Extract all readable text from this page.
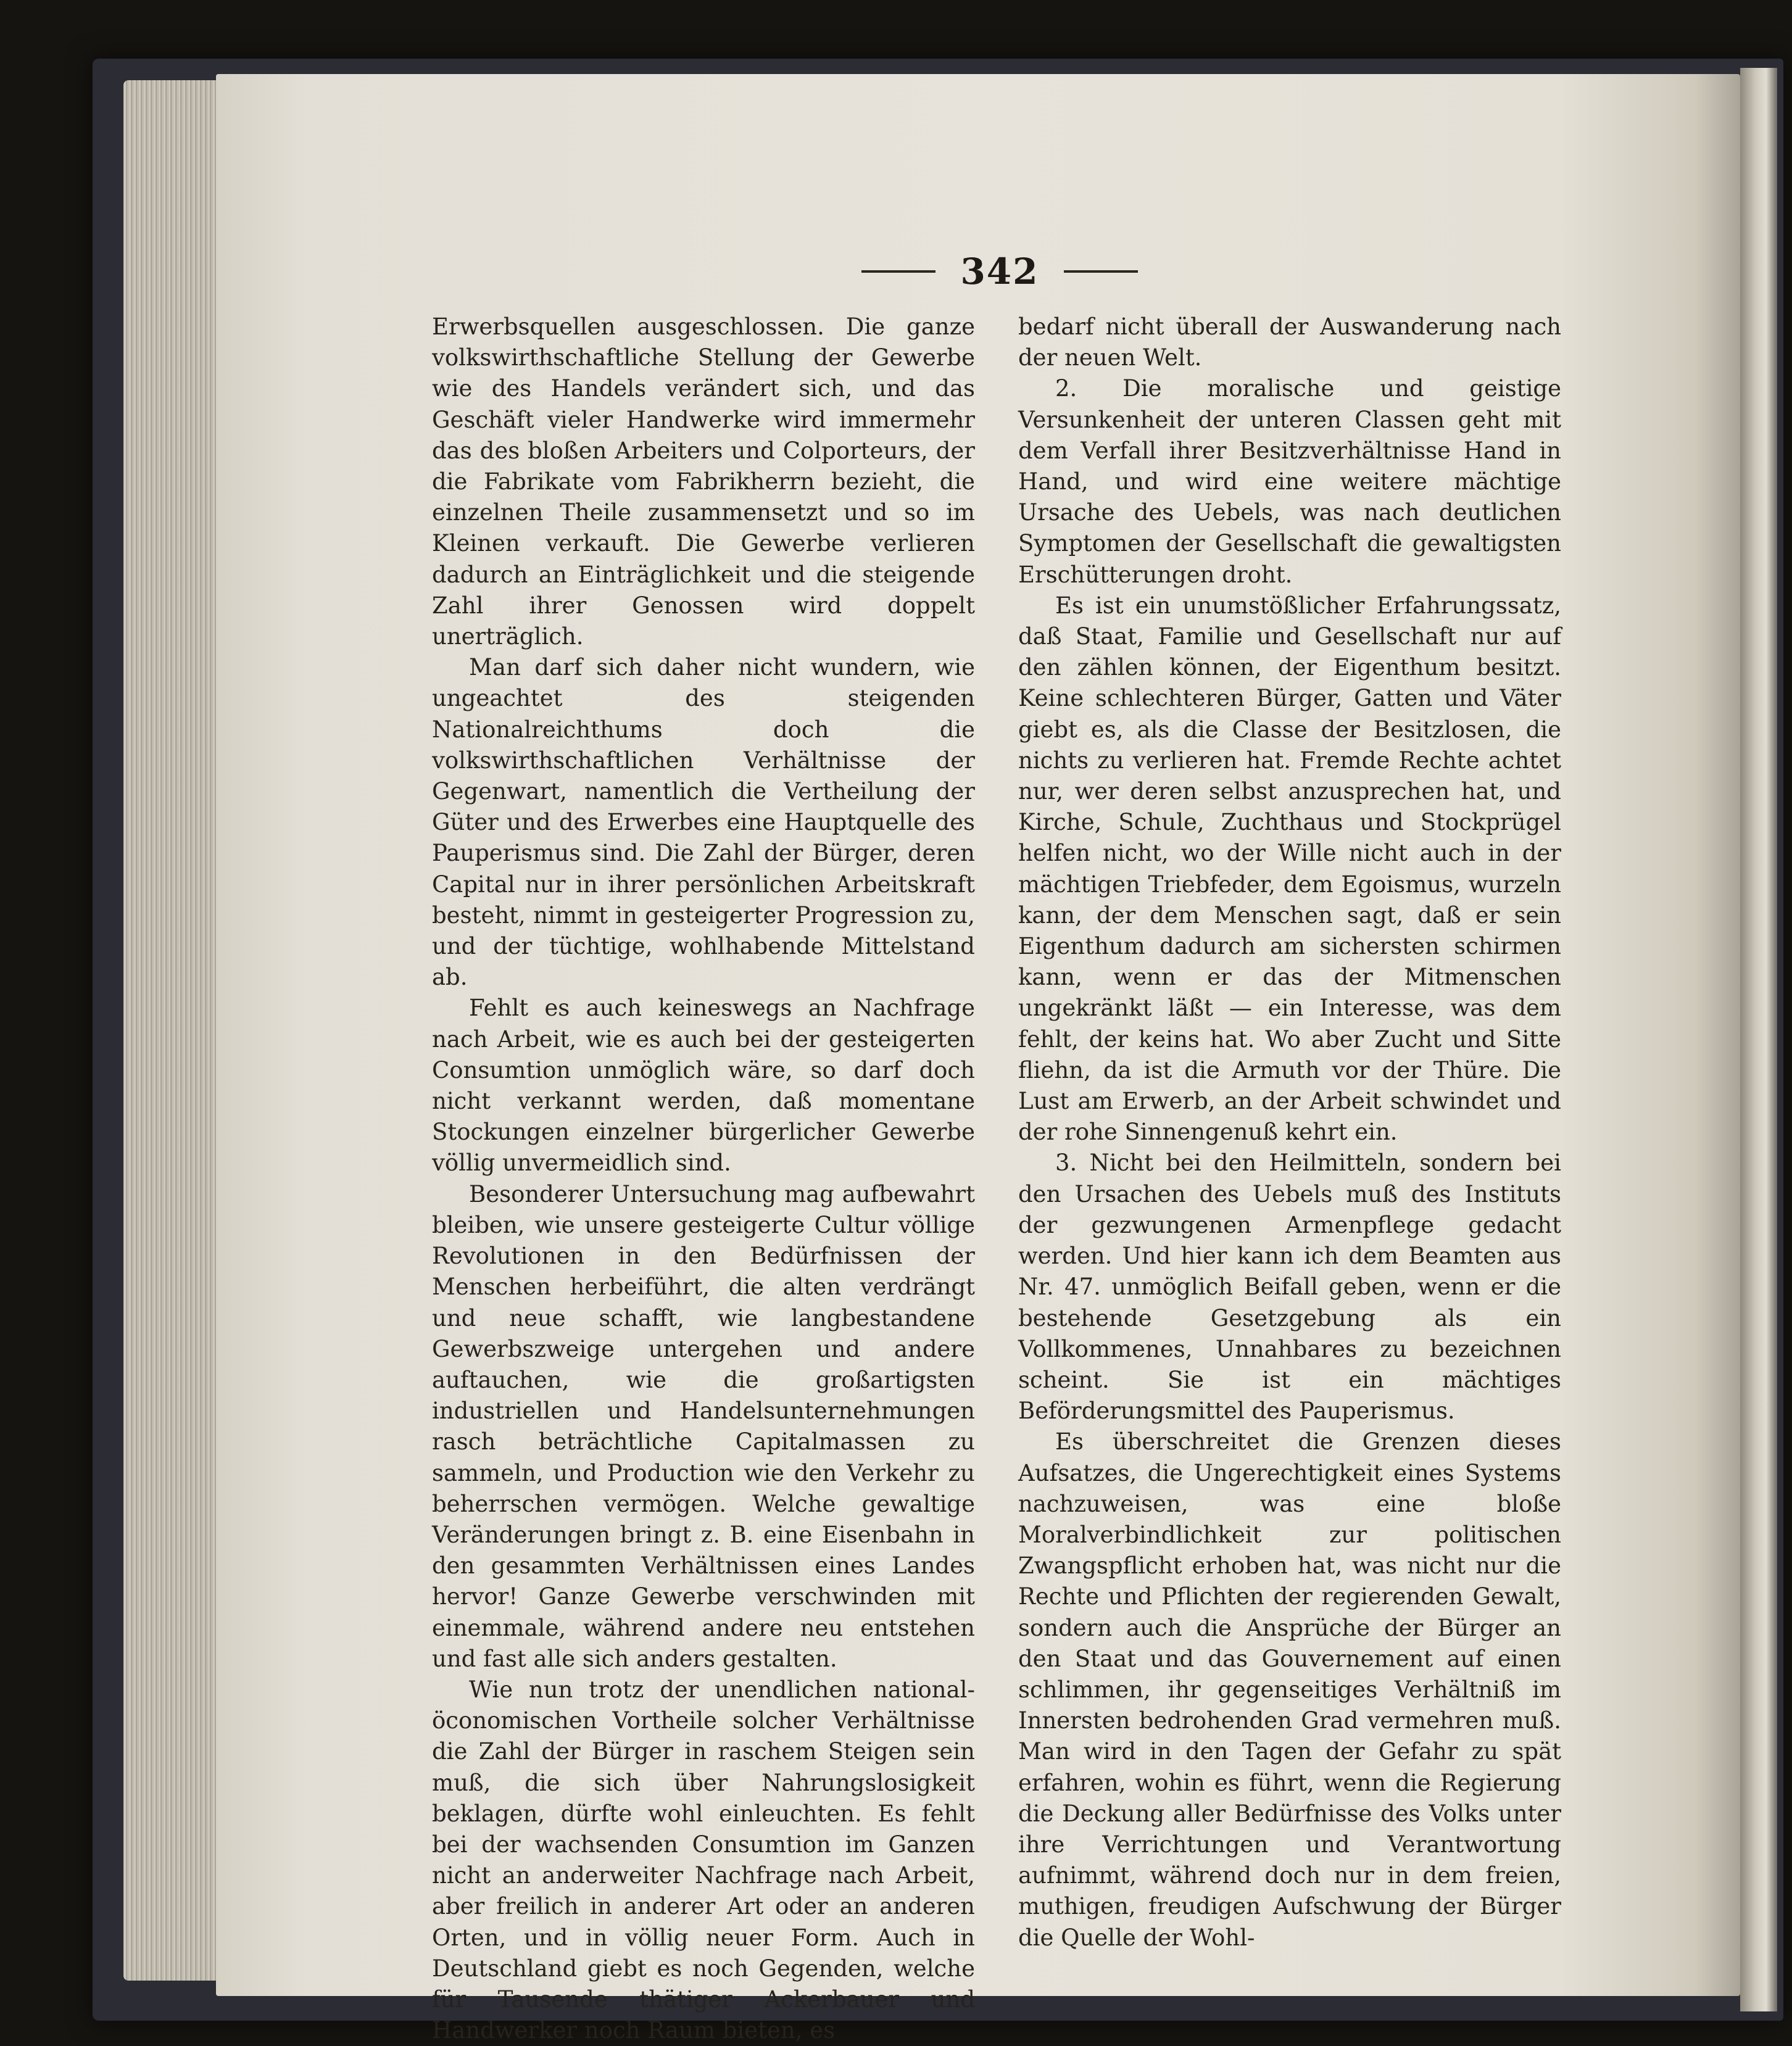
342

Erwerbsquellen ausgeschlossen. Die ganze volkswirthschaftliche Stellung der Gewerbe wie des Handels verändert sich, und das Geschäft vieler Handwerke wird immermehr das des bloßen Arbeiters und Colporteurs, der die Fabrikate vom Fabrikherrn bezieht, die einzelnen Theile zusammensetzt und so im Kleinen verkauft. Die Gewerbe verlieren dadurch an Einträglichkeit und die steigende Zahl ihrer Genossen wird doppelt unerträglich.

Man darf sich daher nicht wundern, wie ungeachtet des steigenden Nationalreichthums doch die volkswirthschaftlichen Verhältnisse der Gegenwart, namentlich die Vertheilung der Güter und des Erwerbes eine Hauptquelle des Pauperismus sind. Die Zahl der Bürger, deren Capital nur in ihrer persönlichen Arbeitskraft besteht, nimmt in gesteigerter Progression zu, und der tüchtige, wohlhabende Mittelstand ab.

Fehlt es auch keineswegs an Nachfrage nach Arbeit, wie es auch bei der gesteigerten Consumtion unmöglich wäre, so darf doch nicht verkannt werden, daß momentane Stockungen einzelner bürgerlicher Gewerbe völlig unvermeidlich sind.

Besonderer Untersuchung mag aufbewahrt bleiben, wie unsere gesteigerte Cultur völlige Revolutionen in den Bedürfnissen der Menschen herbeiführt, die alten verdrängt und neue schafft, wie langbestandene Gewerbszweige untergehen und andere auftauchen, wie die großartigsten industriellen und Handelsunternehmungen rasch beträchtliche Capitalmassen zu sammeln, und Production wie den Verkehr zu beherrschen vermögen. Welche gewaltige Veränderungen bringt z. B. eine Eisenbahn in den gesammten Verhältnissen eines Landes hervor! Ganze Gewerbe verschwinden mit einemmale, während andere neu entstehen und fast alle sich anders gestalten.

Wie nun trotz der unendlichen national-öconomischen Vortheile solcher Verhältnisse die Zahl der Bürger in raschem Steigen sein muß, die sich über Nahrungslosigkeit beklagen, dürfte wohl einleuchten. Es fehlt bei der wachsenden Consumtion im Ganzen nicht an anderweiter Nachfrage nach Arbeit, aber freilich in anderer Art oder an anderen Orten, und in völlig neuer Form. Auch in Deutschland giebt es noch Gegenden, welche für Tausende thätiger Ackerbauer und Handwerker noch Raum bieten, es

bedarf nicht überall der Auswanderung nach der neuen Welt.

2. Die moralische und geistige Versunkenheit der unteren Classen geht mit dem Verfall ihrer Besitzverhältnisse Hand in Hand, und wird eine weitere mächtige Ursache des Uebels, was nach deutlichen Symptomen der Gesellschaft die gewaltigsten Erschütterungen droht.

Es ist ein unumstößlicher Erfahrungssatz, daß Staat, Familie und Gesellschaft nur auf den zählen können, der Eigenthum besitzt. Keine schlechteren Bürger, Gatten und Väter giebt es, als die Classe der Besitzlosen, die nichts zu verlieren hat. Fremde Rechte achtet nur, wer deren selbst anzusprechen hat, und Kirche, Schule, Zuchthaus und Stockprügel helfen nicht, wo der Wille nicht auch in der mächtigen Triebfeder, dem Egoismus, wurzeln kann, der dem Menschen sagt, daß er sein Eigenthum dadurch am sichersten schirmen kann, wenn er das der Mitmenschen ungekränkt läßt — ein Interesse, was dem fehlt, der keins hat. Wo aber Zucht und Sitte fliehn, da ist die Armuth vor der Thüre. Die Lust am Erwerb, an der Arbeit schwindet und der rohe Sinnengenuß kehrt ein.

3. Nicht bei den Heilmitteln, sondern bei den Ursachen des Uebels muß des Instituts der gezwungenen Armenpflege gedacht werden. Und hier kann ich dem Beamten aus Nr. 47. unmöglich Beifall geben, wenn er die bestehende Gesetzgebung als ein Vollkommenes, Unnahbares zu bezeichnen scheint. Sie ist ein mächtiges Beförderungsmittel des Pauperismus.

Es überschreitet die Grenzen dieses Aufsatzes, die Ungerechtigkeit eines Systems nachzuweisen, was eine bloße Moralverbindlichkeit zur politischen Zwangspflicht erhoben hat, was nicht nur die Rechte und Pflichten der regierenden Gewalt, sondern auch die Ansprüche der Bürger an den Staat und das Gouvernement auf einen schlimmen, ihr gegenseitiges Verhältniß im Innersten bedrohenden Grad vermehren muß. Man wird in den Tagen der Gefahr zu spät erfahren, wohin es führt, wenn die Regierung die Deckung aller Bedürfnisse des Volks unter ihre Verrichtungen und Verantwortung aufnimmt, während doch nur in dem freien, muthigen, freudigen Aufschwung der Bürger die Quelle der Wohl-
